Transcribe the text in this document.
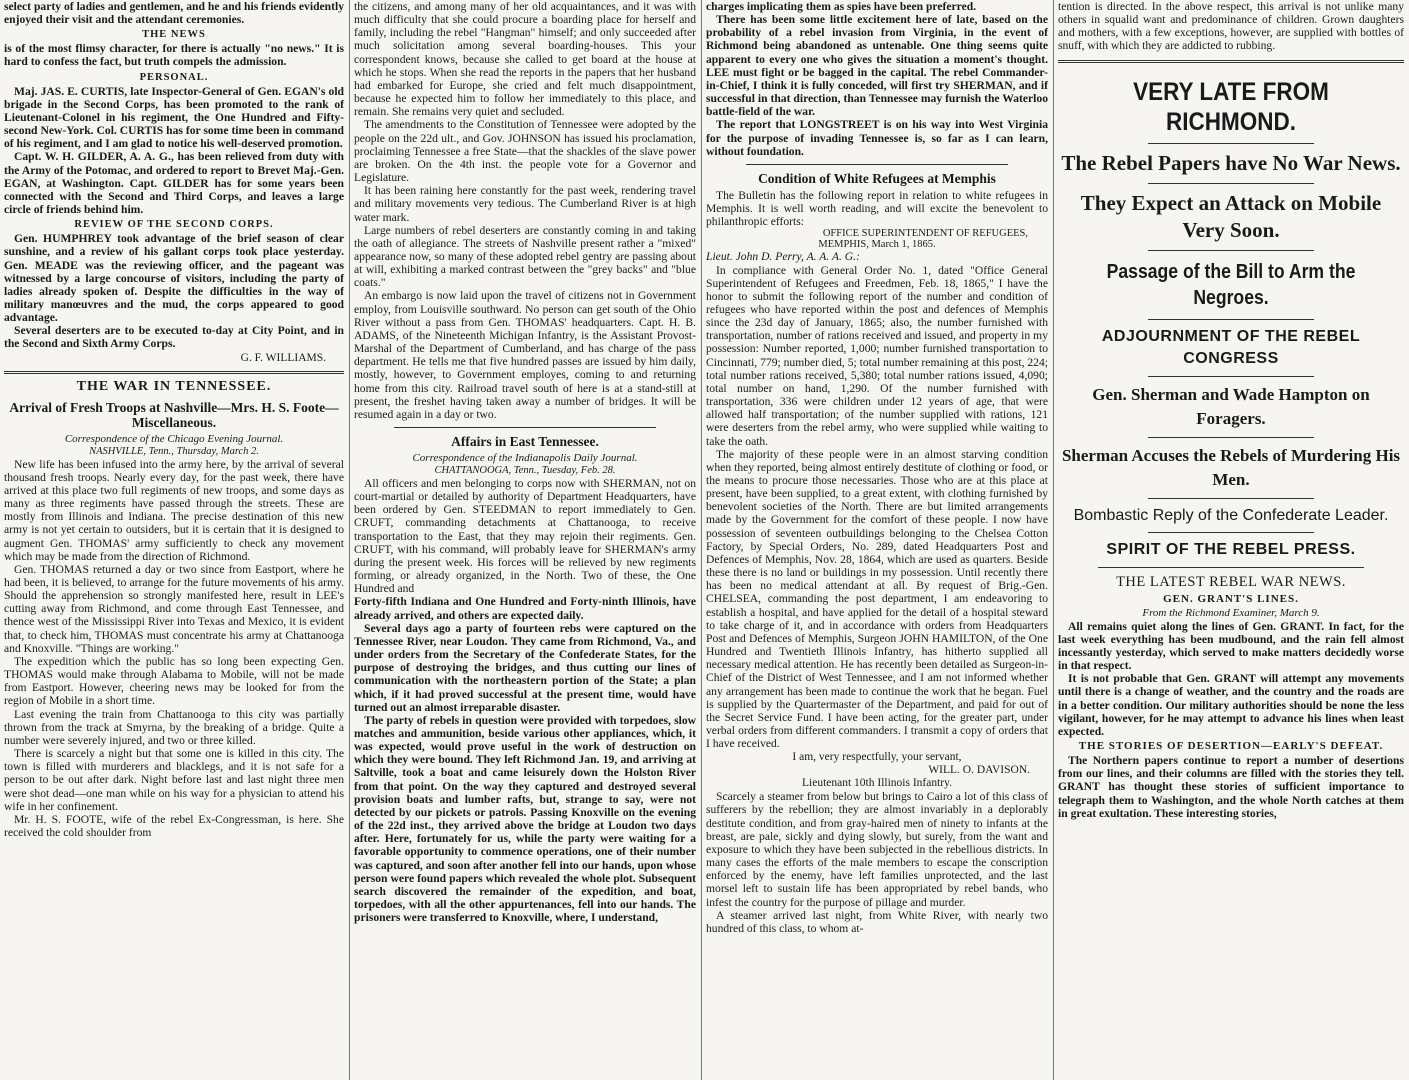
select party of ladies and gentlemen, and he and his friends evidently enjoyed their visit and the attendant ceremonies.

THE NEWS

is of the most flimsy character, for there is actually "no news." It is hard to confess the fact, but truth compels the admission.

PERSONAL.

Maj. JAS. E. CURTIS, late Inspector-General of Gen. EGAN's old brigade in the Second Corps, has been promoted to the rank of Lieutenant-Colonel in his regiment, the One Hundred and Fifty-second New-York. Col. CURTIS has for some time been in command of his regiment, and I am glad to notice his well-deserved promotion.

Capt. W. H. GILDER, A. A. G., has been relieved from duty with the Army of the Potomac, and ordered to report to Brevet Maj.-Gen. EGAN, at Washington. Capt. GILDER has for some years been connected with the Second and Third Corps, and leaves a large circle of friends behind him.

REVIEW OF THE SECOND CORPS.

Gen. HUMPHREY took advantage of the brief season of clear sunshine, and a review of his gallant corps took place yesterday. Gen. MEADE was the reviewing officer, and the pageant was witnessed by a large concourse of visitors, including the party of ladies already spoken of. Despite the difficulties in the way of military manœuvres and the mud, the corps appeared to good advantage.

Several deserters are to be executed to-day at City Point, and in the Second and Sixth Army Corps.

G. F. WILLIAMS.
THE WAR IN TENNESSEE.
Arrival of Fresh Troops at Nashville—Mrs. H. S. Foote—Miscellaneous.
Correspondence of the Chicago Evening Journal.
NASHVILLE, Tenn., Thursday, March 2.

New life has been infused into the army here, by the arrival of several thousand fresh troops. Nearly every day, for the past week, there have arrived at this place two full regiments of new troops, and some days as many as three regiments have passed through the streets. These are mostly from Illinois and Indiana. The precise destination of this new army is not yet certain to outsiders, but it is certain that it is designed to augment Gen. THOMAS' army sufficiently to check any movement which may be made from the direction of Richmond.

Gen. THOMAS returned a day or two since from Eastport, where he had been, it is believed, to arrange for the future movements of his army. Should the apprehension so strongly manifested here, result in LEE's cutting away from Richmond, and come through East Tennessee, and thence west of the Mississippi River into Texas and Mexico, it is evident that, to check him, THOMAS must concentrate his army at Chattanooga and Knoxville. "Things are working."

The expedition which the public has so long been expecting Gen. THOMAS would make through Alabama to Mobile, will not be made from Eastport. However, cheering news may be looked for from the region of Mobile in a short time.

Last evening the train from Chattanooga to this city was partially thrown from the track at Smyrna, by the breaking of a bridge. Quite a number were severely injured, and two or three killed.

There is scarcely a night but that some one is killed in this city. The town is filled with murderers and blacklegs, and it is not safe for a person to be out after dark. Night before last and last night three men were shot dead—one man while on his way for a physician to attend his wife in her confinement.

Mr. H. S. FOOTE, wife of the rebel Ex-Congressman, is here. She received the cold shoulder from

the citizens, and among many of her old acquaintances, and it was with much difficulty that she could procure a boarding place for herself and family, including the rebel "Hangman" himself; and only succeeded after much solicitation among several boarding-houses. This your correspondent knows, because she called to get board at the house at which he stops. When she read the reports in the papers that her husband had embarked for Europe, she cried and felt much disappointment, because he expected him to follow her immediately to this place, and remain. She remains very quiet and secluded.

The amendments to the Constitution of Tennessee were adopted by the people on the 22d ult., and Gov. JOHNSON has issued his proclamation, proclaiming Tennessee a free State—that the shackles of the slave power are broken. On the 4th inst. the people vote for a Governor and Legislature.

It has been raining here constantly for the past week, rendering travel and military movements very tedious. The Cumberland River is at high water mark.

Large numbers of rebel deserters are constantly coming in and taking the oath of allegiance. The streets of Nashville present rather a "mixed" appearance now, so many of these adopted rebel gentry are passing about at will, exhibiting a marked contrast between the "grey backs" and "blue coats."

An embargo is now laid upon the travel of citizens not in Government employ, from Louisville southward. No person can get south of the Ohio River without a pass from Gen. THOMAS' headquarters. Capt. H. B. ADAMS, of the Nineteenth Michigan Infantry, is the Assistant Provost-Marshal of the Department of Cumberland, and has charge of the pass department. He tells me that five hundred passes are issued by him daily, mostly, however, to Government employes, coming to and returning home from this city. Railroad travel south of here is at a stand-still at present, the freshet having taken away a number of bridges. It will be resumed again in a day or two.

Affairs in East Tennessee.
Correspondence of the Indianapolis Daily Journal.
CHATTANOOGA, Tenn., Tuesday, Feb. 28.

All officers and men belonging to corps now with SHERMAN, not on court-martial or detailed by authority of Department Headquarters, have been ordered by Gen. STEEDMAN to report immediately to Gen. CRUFT, commanding detachments at Chattanooga, to receive transportation to the East, that they may rejoin their regiments. Gen. CRUFT, with his command, will probably leave for SHERMAN's army during the present week. His forces will be relieved by new regiments forming, or already organized, in the North. Two of these, the One Hundred and

Forty-fifth Indiana and One Hundred and Forty-ninth Illinois, have already arrived, and others are expected daily.

Several days ago a party of fourteen rebs were captured on the Tennessee River, near Loudon. They came from Richmond, Va., and under orders from the Secretary of the Confederate States, for the purpose of destroying the bridges, and thus cutting our lines of communication with the northeastern portion of the State; a plan which, if it had proved successful at the present time, would have turned out an almost irreparable disaster.

The party of rebels in question were provided with torpedoes, slow matches and ammunition, beside various other appliances, which, it was expected, would prove useful in the work of destruction on which they were bound. They left Richmond Jan. 19, and arriving at Saltville, took a boat and came leisurely down the Holston River from that point. On the way they captured and destroyed several provision boats and lumber rafts, but, strange to say, were not detected by our pickets or patrols. Passing Knoxville on the evening of the 22d inst., they arrived above the bridge at Loudon two days after. Here, fortunately for us, while the party were waiting for a favorable opportunity to commence operations, one of their number was captured, and soon after another fell into our hands, upon whose person were found papers which revealed the whole plot. Subsequent search discovered the remainder of the expedition, and boat, torpedoes, with all the other appurtenances, fell into our hands. The prisoners were transferred to Knoxville, where, I understand,

charges implicating them as spies have been preferred.

There has been some little excitement here of late, based on the probability of a rebel invasion from Virginia, in the event of Richmond being abandoned as untenable. One thing seems quite apparent to every one who gives the situation a moment's thought. LEE must fight or be bagged in the capital. The rebel Commander-in-Chief, I think it is fully conceded, will first try SHERMAN, and if successful in that direction, than Tennessee may furnish the Waterloo battle-field of the war.

The report that LONGSTREET is on his way into West Virginia for the purpose of invading Tennessee is, so far as I can learn, without foundation.

Condition of White Refugees at Memphis

The Bulletin has the following report in relation to white refugees in Memphis. It is well worth reading, and will excite the benevolent to philanthropic efforts:

OFFICE SUPERINTENDENT OF REFUGEES,
MEMPHIS, March 1, 1865.

Lieut. John D. Perry, A. A. A. G.:

In compliance with General Order No. 1, dated "Office General Superintendent of Refugees and Freedmen, Feb. 18, 1865," I have the honor to submit the following report of the number and condition of refugees who have reported within the post and defences of Memphis since the 23d day of January, 1865; also, the number furnished with transportation, number of rations received and issued, and property in my possession: Number reported, 1,000; number furnished transportation to Cincinnati, 779; number died, 5; total number remaining at this post, 224; total number rations received, 5,380; total number rations issued, 4,090; total number on hand, 1,290. Of the number furnished with transportation, 336 were children under 12 years of age, that were allowed half transportation; of the number supplied with rations, 121 were deserters from the rebel army, who were supplied while waiting to take the oath.

The majority of these people were in an almost starving condition when they reported, being almost entirely destitute of clothing or food, or the means to procure those necessaries. Those who are at this place at present, have been supplied, to a great extent, with clothing furnished by benevolent societies of the North. There are but limited arrangements made by the Government for the comfort of these people. I now have possession of seventeen outbuildings belonging to the Chelsea Cotton Factory, by Special Orders, No. 289, dated Headquarters Post and Defences of Memphis, Nov. 28, 1864, which are used as quarters. Beside these there is no land or buildings in my possession. Until recently there has been no medical attendant at all. By request of Brig.-Gen. CHELSEA, commanding the post department, I am endeavoring to establish a hospital, and have applied for the detail of a hospital steward to take charge of it, and in accordance with orders from Headquarters Post and Defences of Memphis, Surgeon JOHN HAMILTON, of the One Hundred and Twentieth Illinois Infantry, has hitherto supplied all necessary medical attention. He has recently been detailed as Surgeon-in-Chief of the District of West Tennessee, and I am not informed whether any arrangement has been made to continue the work that he began. Fuel is supplied by the Quartermaster of the Department, and paid for out of the Secret Service Fund. I have been acting, for the greater part, under verbal orders from different commanders. I transmit a copy of orders that I have received.

I am, very respectfully, your servant,
WILL. O. DAVISON.
Lieutenant 10th Illinois Infantry.

Scarcely a steamer from below but brings to Cairo a lot of this class of sufferers by the rebellion; they are almost invariably in a deplorably destitute condition, and from gray-haired men of ninety to infants at the breast, are pale, sickly and dying slowly, but surely, from the want and exposure to which they have been subjected in the rebellious districts. In many cases the efforts of the male members to escape the conscription enforced by the enemy, have left families unprotected, and the last morsel left to sustain life has been appropriated by rebel bands, who infest the country for the purpose of pillage and murder.

A steamer arrived last night, from White River, with nearly two hundred of this class, to whom at-

tention is directed. In the above respect, this arrival is not unlike many others in squalid want and predominance of children. Grown daughters and mothers, with a few exceptions, however, are supplied with bottles of snuff, with which they are addicted to rubbing.

VERY LATE FROM RICHMOND.
The Rebel Papers have No War News.
They Expect an Attack on Mobile Very Soon.
Passage of the Bill to Arm the Negroes.
ADJOURNMENT OF THE REBEL CONGRESS
Gen. Sherman and Wade Hampton on Foragers.
Sherman Accuses the Rebels of Murdering His Men.
Bombastic Reply of the Confederate Leader.
SPIRIT OF THE REBEL PRESS.
THE LATEST REBEL WAR NEWS.
GEN. GRANT'S LINES.
From the Richmond Examiner, March 9.

All remains quiet along the lines of Gen. GRANT. In fact, for the last week everything has been mudbound, and the rain fell almost incessantly yesterday, which served to make matters decidedly worse in that respect.

It is not probable that Gen. GRANT will attempt any movements until there is a change of weather, and the country and the roads are in a better condition. Our military authorities should be none the less vigilant, however, for he may attempt to advance his lines when least expected.

THE STORIES OF DESERTION—EARLY'S DEFEAT.

The Northern papers continue to report a number of desertions from our lines, and their columns are filled with the stories they tell. GRANT has thought these stories of sufficient importance to telegraph them to Washington, and the whole North catches at them in great exultation. These interesting stories,
